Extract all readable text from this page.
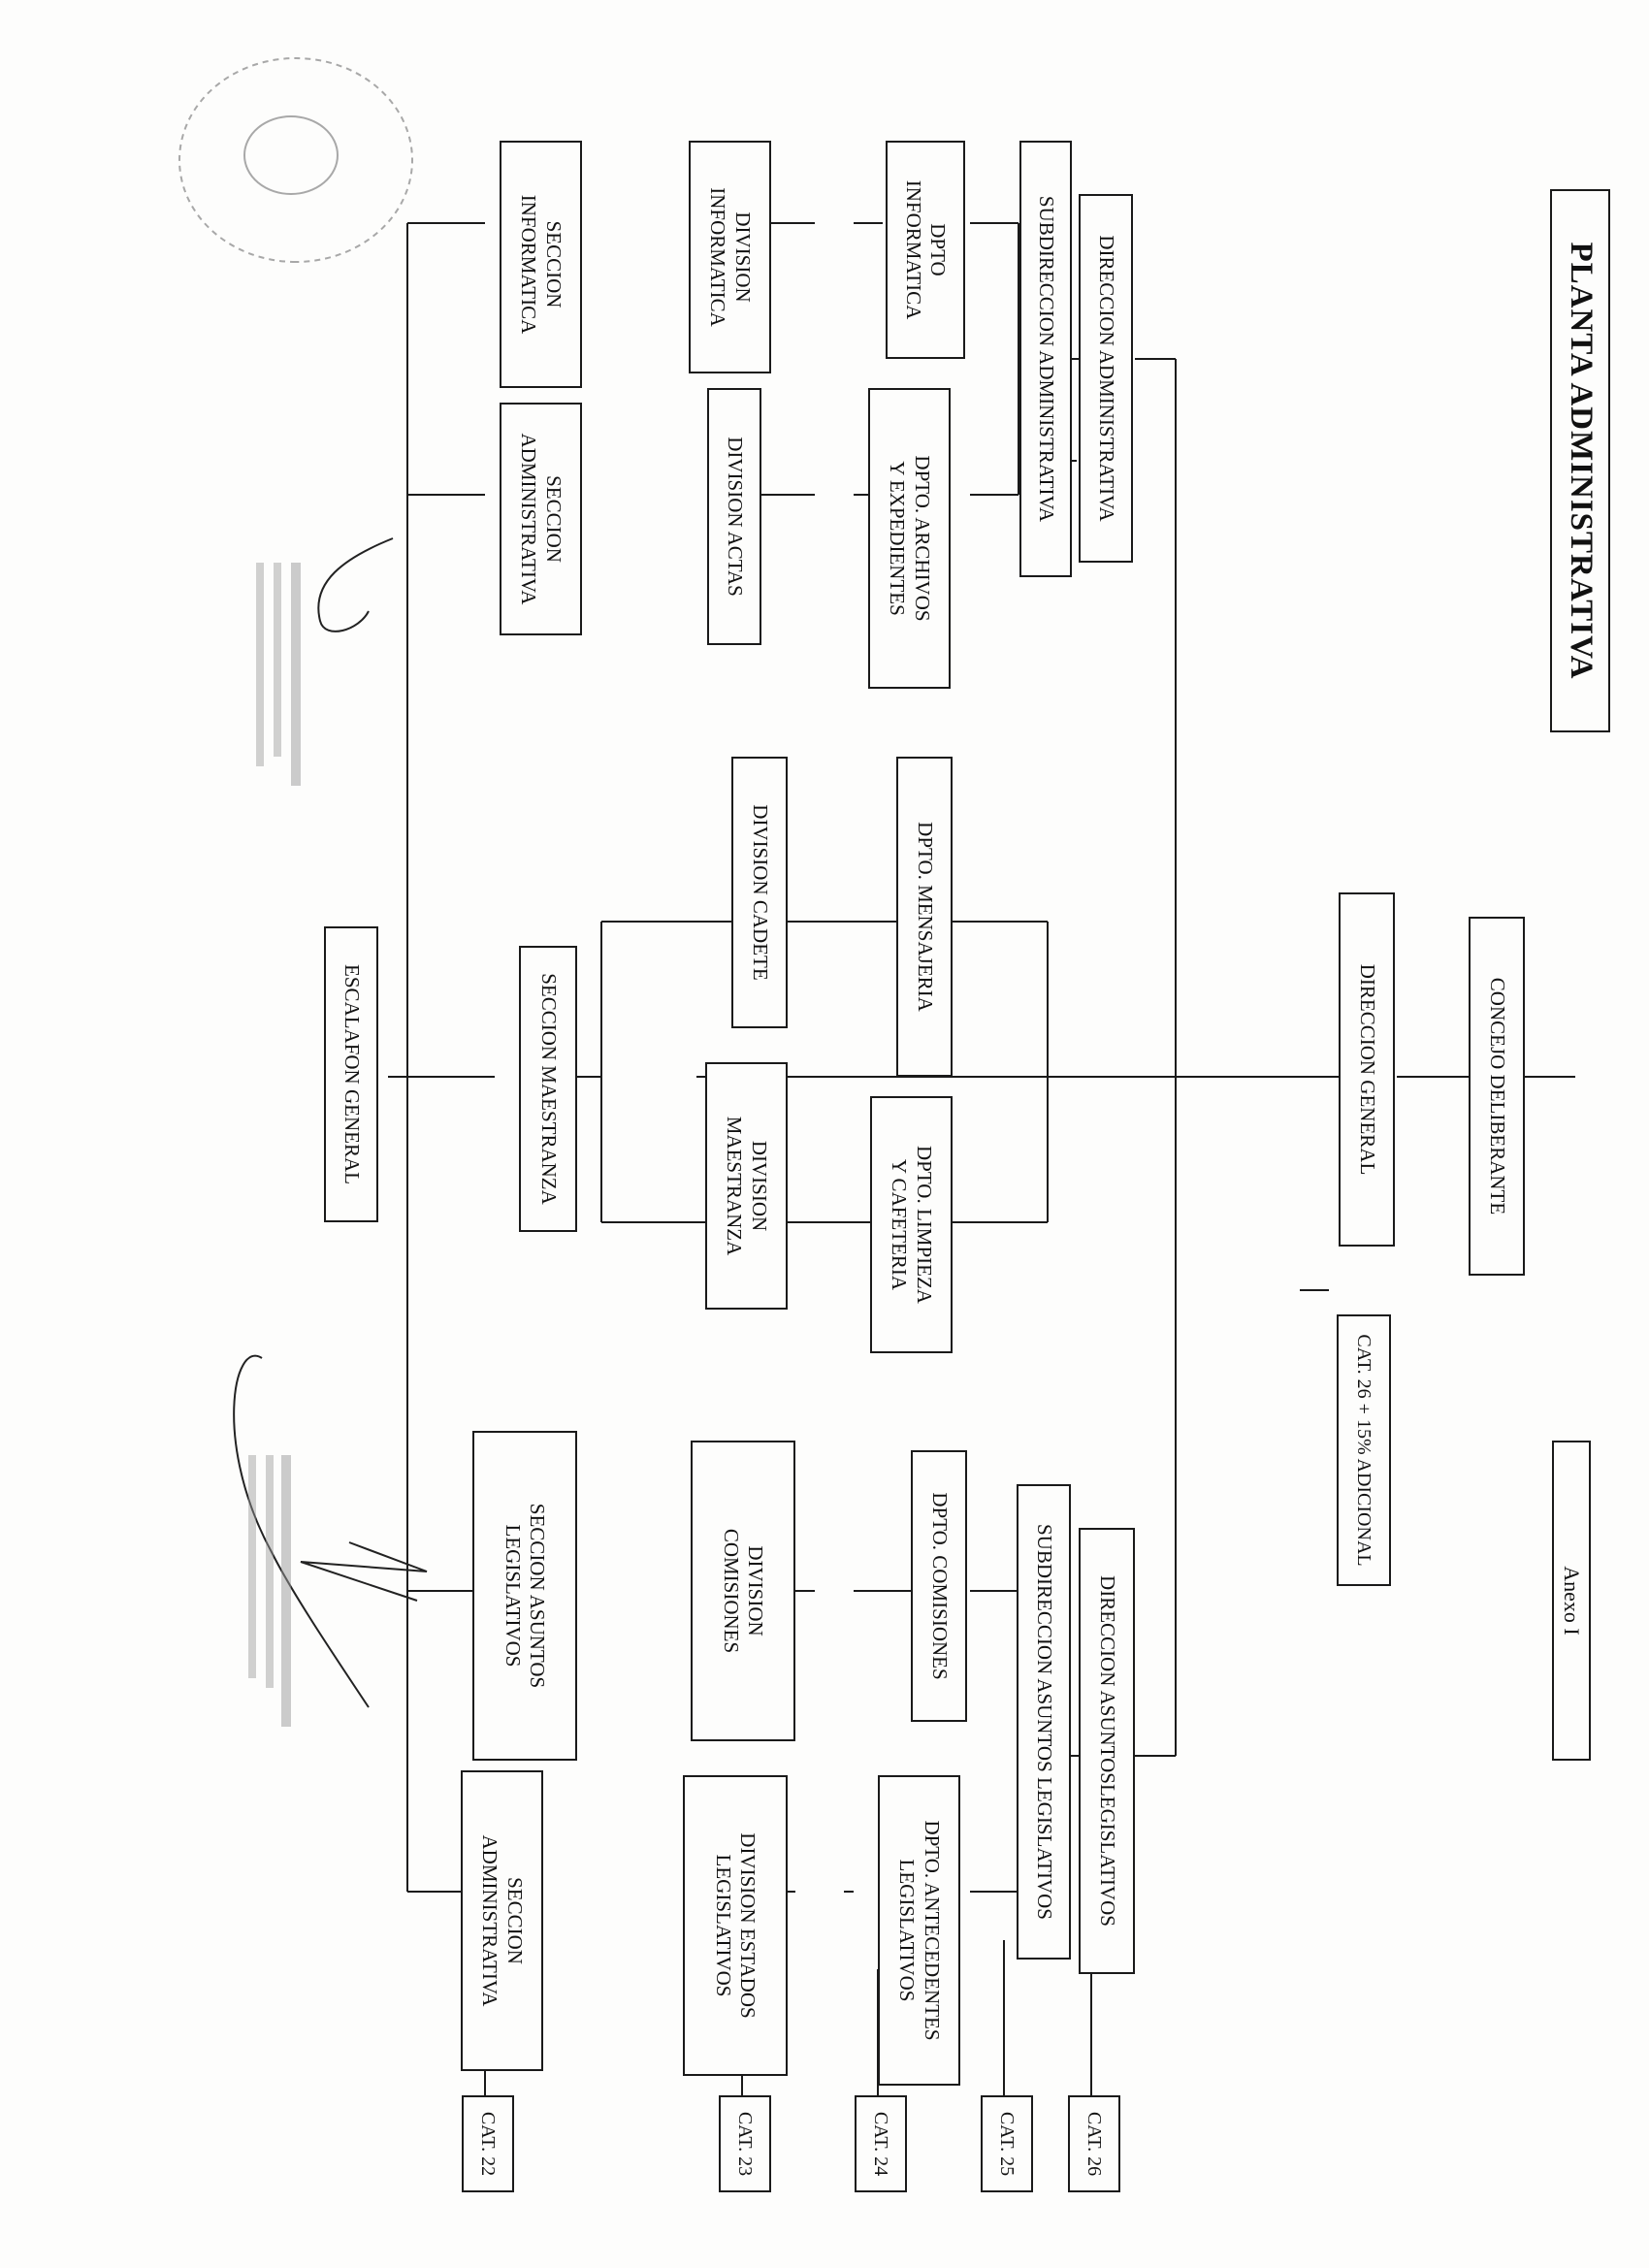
PLANTA ADMINISTRATIVA
Anexo I
CONCEJO DELIBERANTE
DIRECCION GENERAL
CAT. 26 + 15% ADICIONAL
DIRECCION ADMINISTRATIVA
SUBDIRECCION ADMINISTRATIVA
DPTO
INFORMATICA
DPTO. ARCHIVOS
Y EXPEDIENTES
DIVISION
INFORMATICA
DIVISION ACTAS
SECCION
INFORMATICA
SECCION
ADMINISTRATIVA
DPTO. MENSAJERIA
DPTO. LIMPIEZA
Y CAFETERIA
DIVISION CADETE
DIVISION
MAESTRANZA
SECCION MAESTRANZA
ESCALAFON GENERAL
DIRECCION ASUNTOSLEGISLATIVOS
SUBDIRECCION ASUNTOS LEGISLATIVOS
DPTO. COMISIONES
DPTO. ANTECEDENTES
LEGISLATIVOS
DIVISION
COMISIONES
DIVISION ESTADOS
LEGISLATIVOS
SECCION ASUNTOS
LEGISLATIVOS
SECCION
ADMINISTRATIVA
CAT. 26
CAT. 25
CAT. 24
CAT. 23
CAT. 22
